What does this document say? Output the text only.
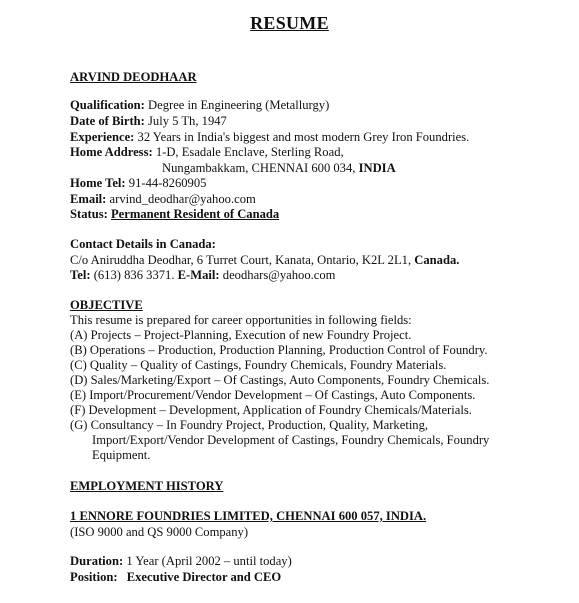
RESUME
ARVIND DEODHAAR
Qualification: Degree in Engineering (Metallurgy)
Date of Birth: July 5 Th, 1947
Experience: 32 Years in India's biggest and most modern Grey Iron Foundries.
Home Address: 1-D, Esadale Enclave, Sterling Road,
Nungambakkam, CHENNAI 600 034, INDIA
Home Tel: 91-44-8260905
Email: arvind_deodhar@yahoo.com
Status: Permanent Resident of Canada
Contact Details in Canada:
C/o Aniruddha Deodhar, 6 Turret Court, Kanata, Ontario, K2L 2L1, Canada.
Tel: (613) 836 3371. E-Mail: deodhars@yahoo.com
OBJECTIVE
This resume is prepared for career opportunities in following fields:
(A) Projects – Project-Planning, Execution of new Foundry Project.
(B) Operations – Production, Production Planning, Production Control of Foundry.
(C) Quality – Quality of Castings, Foundry Chemicals, Foundry Materials.
(D) Sales/Marketing/Export – Of Castings, Auto Components, Foundry Chemicals.
(E) Import/Procurement/Vendor Development – Of Castings, Auto Components.
(F) Development – Development, Application of Foundry Chemicals/Materials.
(G) Consultancy – In Foundry Project, Production, Quality, Marketing,
Import/Export/Vendor Development of Castings, Foundry Chemicals, Foundry
Equipment.
EMPLOYMENT HISTORY
1 ENNORE FOUNDRIES LIMITED, CHENNAI 600 057, INDIA.
(ISO 9000 and QS 9000 Company)
Duration: 1 Year (April 2002 – until today)
Position: Executive Director and CEO
